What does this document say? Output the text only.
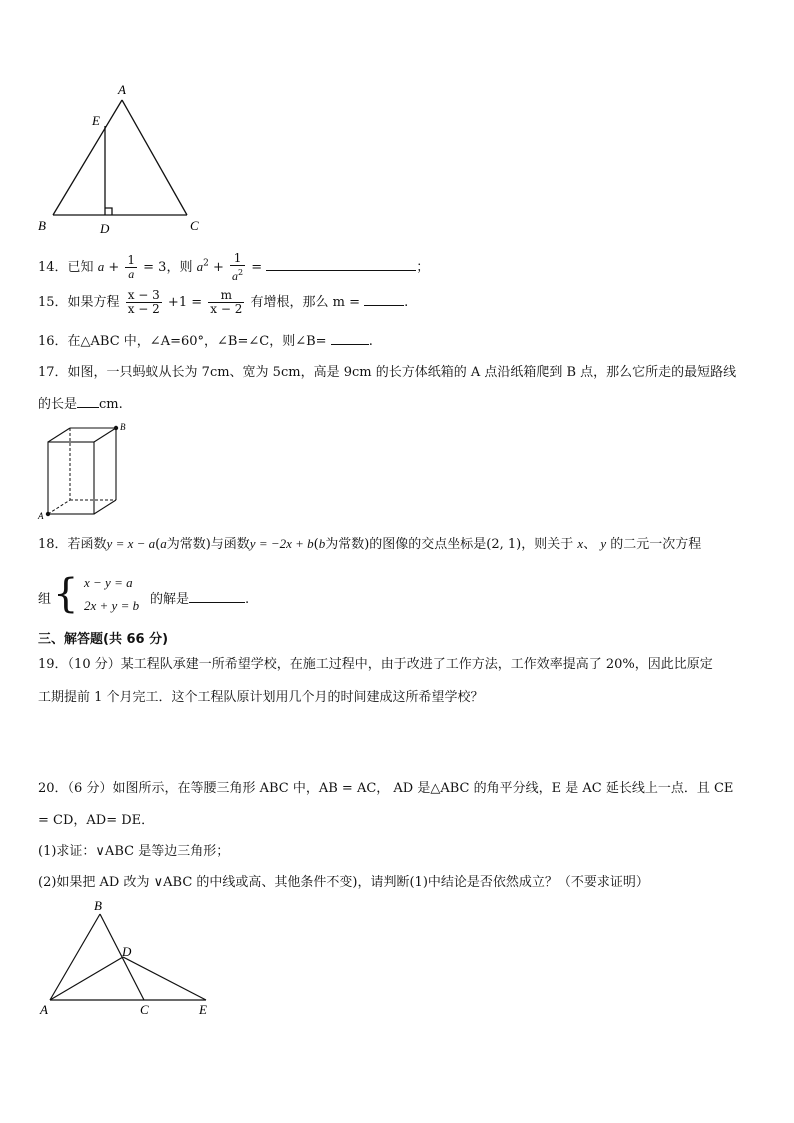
A
E
B	D	C
14．已知 $a + \frac{1}{a} = 3$，则 $a^2 + \frac{1}{a^2}$ =	；
15．如果方程 $\frac{x - 3}{x - 2} +1 = \frac{m}{x - 2}$ 有增根，那么 m =	.
16．在△ABC 中，∠A=60°，∠B=∠C，则∠B=	.
17．如图，一只蚂蚁从长为 7cm、宽为 5cm，高是 9cm 的长方体纸箱的 A 点沿纸箱爬到 B 点，那么它所走的最短路线
的长是 cm.
B
A
18．若函数y = x − a(a为常数)与函数y = −2x + b(b为常数)的图像的交点坐标是(2, 1)，则关于 x、 y 的二元一次方程
组 { x − y = a
2x + y = b 的解是	.
三、解答题(共 66 分)
19．（10 分）某工程队承建一所希望学校，在施工过程中，由于改进了工作方法，工作效率提高了 20%，因此比原定
工期提前 1 个月完工．这个工程队原计划用几个月的时间建成这所希望学校？
20．（6 分）如图所示，在等腰三角形 ABC 中，AB = AC， AD 是△ABC 的角平分线，E 是 AC 延长线上一点．且 CE
= CD，AD= DE．
(1)求证：∨ABC 是等边三角形；
(2)如果把 AD 改为 ∨ABC 的中线或高、其他条件不变)，请判断(1)中结论是否依然成立？（不要求证明）
B
D
A	C	E
